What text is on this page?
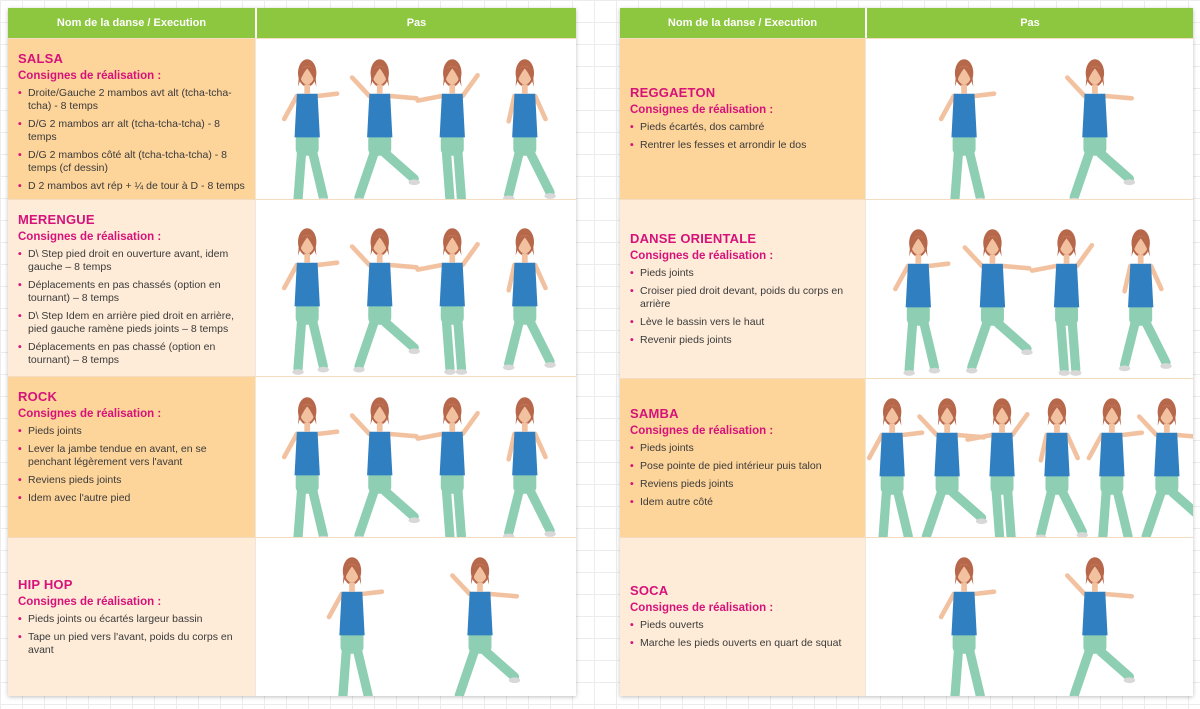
Nom de la danse / Execution	Pas
SALSA
Consignes de réalisation :
• Droite/Gauche 2 mambos avt alt (tcha-tcha-tcha) - 8 temps
• D/G 2 mambos arr alt (tcha-tcha-tcha) - 8 temps
• D/G 2 mambos côté alt (tcha-tcha-tcha) - 8 temps (cf dessin)
• D 2 mambos avt rép + ¼ de tour à D - 8 temps
MERENGUE
Consignes de réalisation :
• D\ Step pied droit en ouverture avant, idem gauche – 8 temps
• Déplacements en pas chassés (option en tournant) – 8 temps
• D\ Step Idem en arrière pied droit en arrière, pied gauche ramène pieds joints – 8 temps
• Déplacements en pas chassé (option en tournant) – 8 temps
ROCK
Consignes de réalisation :
• Pieds joints
• Lever la jambe tendue en avant, en se penchant légèrement vers l'avant
• Reviens pieds joints
• Idem avec l'autre pied
HIP HOP
Consignes de réalisation :
• Pieds joints ou écartés largeur bassin
• Tape un pied vers l'avant, poids du corps en avant
Nom de la danse / Execution	Pas
REGGAETON
Consignes de réalisation :
• Pieds écartés, dos cambré
• Rentrer les fesses et arrondir le dos
DANSE ORIENTALE
Consignes de réalisation :
• Pieds joints
• Croiser pied droit devant, poids du corps en arrière
• Lève le bassin vers le haut
• Revenir pieds joints
SAMBA
Consignes de réalisation :
• Pieds joints
• Pose pointe de pied intérieur puis talon
• Reviens pieds joints
• Idem autre côté
SOCA
Consignes de réalisation :
• Pieds ouverts
• Marche les pieds ouverts en quart de squat
